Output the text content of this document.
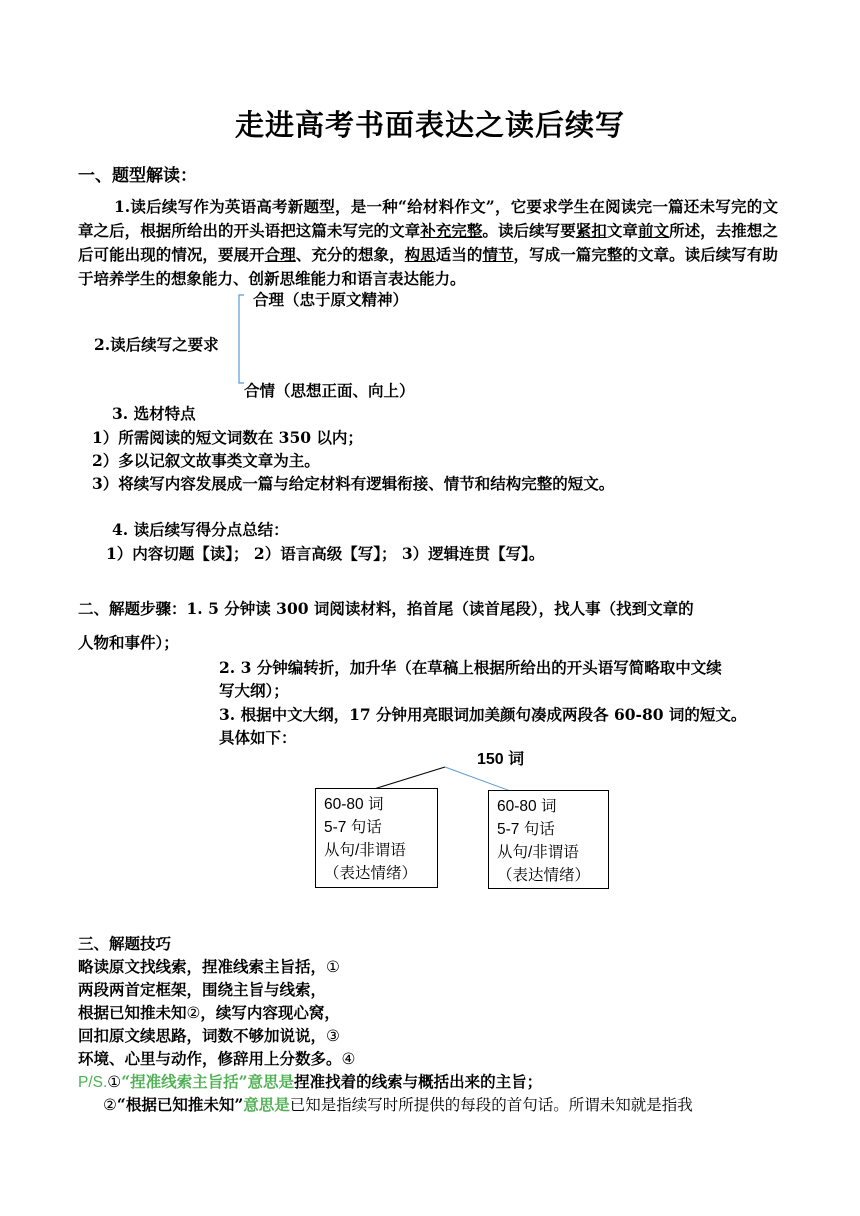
走进高考书面表达之读后续写
一、题型解读：
1.读后续写作为英语高考新题型，是一种“给材料作文”，它要求学生在阅读完一篇还未写完的文章之后，根据所给出的开头语把这篇未写完的文章补充完整。读后续写要紧扣文章前文所述，去推想之后可能出现的情况，要展开合理、充分的想象，构思适当的情节，写成一篇完整的文章。读后续写有助于培养学生的想象能力、创新思维能力和语言表达能力。
合理（忠于原文精神）
2.读后续写之要求
合情（思想正面、向上）
3. 选材特点
1）所需阅读的短文词数在 350 以内；
2）多以记叙文故事类文章为主。
3）将续写内容发展成一篇与给定材料有逻辑衔接、情节和结构完整的短文。
4. 读后续写得分点总结：
1）内容切题【读】； 2）语言高级【写】； 3）逻辑连贯【写】。
二、解题步骤：1. 5 分钟读 300 词阅读材料，掐首尾（读首尾段），找人事（找到文章的
人物和事件）；
2. 3 分钟编转折，加升华（在草稿上根据所给出的开头语写简略取中文续
写大纲）；
3. 根据中文大纲，17 分钟用亮眼词加美颜句凑成两段各 60-80 词的短文。
具体如下：
150 词
60-80 词
5-7 句话
从句/非谓语
（表达情绪）
60-80 词
5-7 句话
从句/非谓语
（表达情绪）
三、解题技巧
略读原文找线索，捏准线索主旨括，①
两段两首定框架，围绕主旨与线索，
根据已知推未知②，续写内容现心窝，
回扣原文续思路，词数不够加说说，③
环境、心里与动作，修辞用上分数多。④
P/S.①“捏准线索主旨括”意思是捏准找着的线索与概括出来的主旨；
②“根据已知推未知”意思是已知是指续写时所提供的每段的首句话。所谓未知就是指我
